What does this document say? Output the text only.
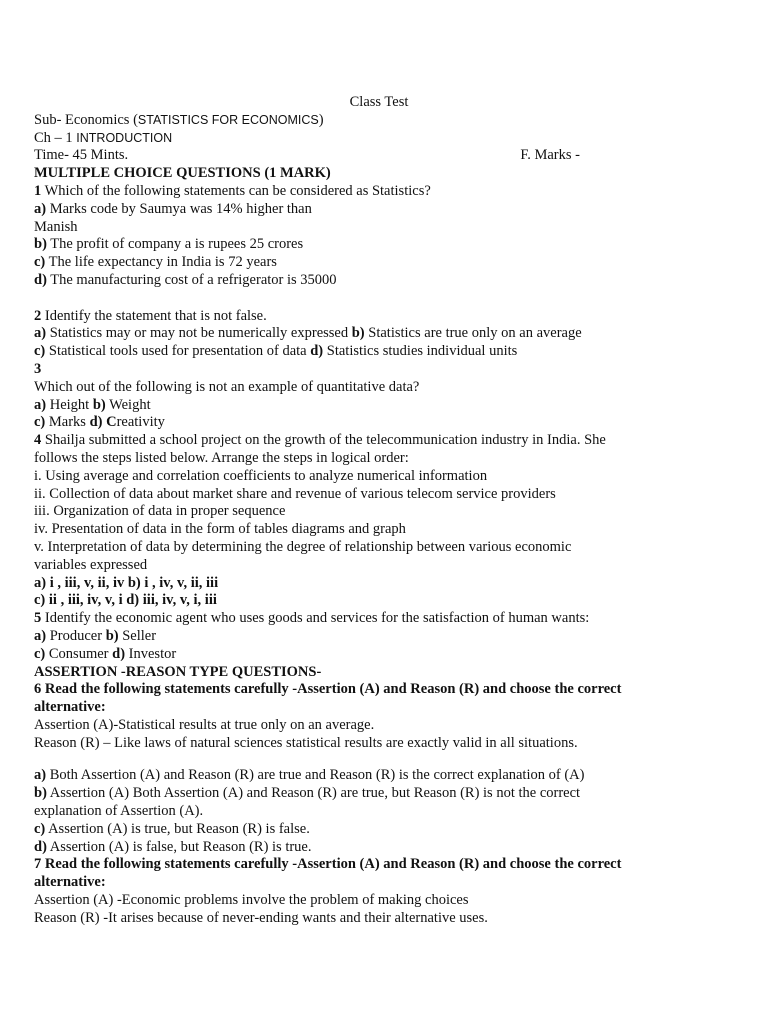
Class Test
Sub- Economics (STATISTICS FOR ECONOMICS)
Ch – 1 INTRODUCTION
Time- 45 Mints.	F. Marks -
MULTIPLE CHOICE QUESTIONS (1 MARK)
1 Which of the following statements can be considered as Statistics?
a) Marks code by Saumya was 14% higher than
Manish
b) The profit of company a is rupees 25 crores
c) The life expectancy in India is 72 years
d) The manufacturing cost of a refrigerator is 35000
2 Identify the statement that is not false.
a) Statistics may or may not be numerically expressed b) Statistics are true only on an average
c) Statistical tools used for presentation of data d) Statistics studies individual units
3
Which out of the following is not an example of quantitative data?
a) Height b) Weight
c) Marks d) Creativity
4 Shailja submitted a school project on the growth of the telecommunication industry in India. She
follows the steps listed below. Arrange the steps in logical order:
i. Using average and correlation coefficients to analyze numerical information
ii. Collection of data about market share and revenue of various telecom service providers
iii. Organization of data in proper sequence
iv. Presentation of data in the form of tables diagrams and graph
v. Interpretation of data by determining the degree of relationship between various economic
variables expressed
a) i , iii, v, ii, iv b) i , iv, v, ii, iii
c) ii , iii, iv, v, i d) iii, iv, v, i, iii
5 Identify the economic agent who uses goods and services for the satisfaction of human wants:
a) Producer b) Seller
c) Consumer d) Investor
ASSERTION -REASON TYPE QUESTIONS-
6 Read the following statements carefully -Assertion (A) and Reason (R) and choose the correct
alternative:
Assertion (A)-Statistical results at true only on an average.
Reason (R) – Like laws of natural sciences statistical results are exactly valid in all situations.
a) Both Assertion (A) and Reason (R) are true and Reason (R) is the correct explanation of (A)
b) Assertion (A) Both Assertion (A) and Reason (R) are true, but Reason (R) is not the correct
explanation of Assertion (A).
c) Assertion (A) is true, but Reason (R) is false.
d) Assertion (A) is false, but Reason (R) is true.
7 Read the following statements carefully -Assertion (A) and Reason (R) and choose the correct
alternative:
Assertion (A) -Economic problems involve the problem of making choices
Reason (R) -It arises because of never-ending wants and their alternative uses.
